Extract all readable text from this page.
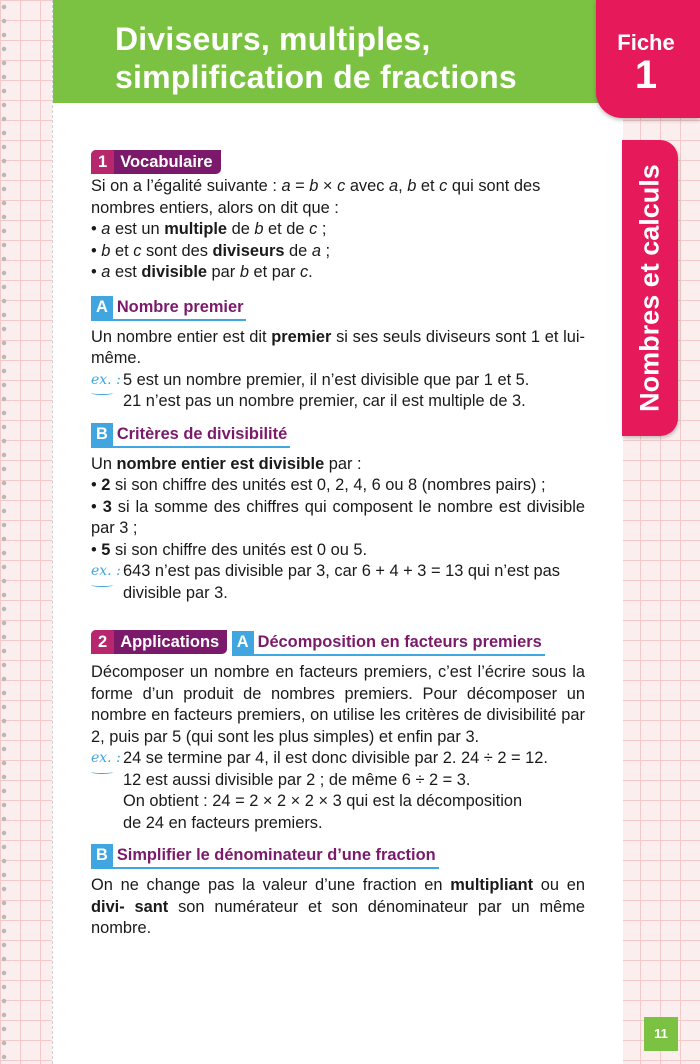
Diviseurs, multiples,
simplification de fractions
1 Vocabulaire

Si on a l’égalité suivante : a = b × c avec a, b et c qui sont des nombres entiers, alors on dit que :

• a est un multiple de b et de c ;

• b et c sont des diviseurs de a ;

• a est divisible par b et par c.

A Nombre premier

Un nombre entier est dit premier si ses seuls diviseurs sont 1 et lui-même.

ex. : 5 est un nombre premier, il n’est divisible que par 1 et 5.

21 n’est pas un nombre premier, car il est multiple de 3.

B Critères de divisibilité

Un nombre entier est divisible par :

• 2 si son chiffre des unités est 0, 2, 4, 6 ou 8 (nombres pairs) ;

• 3 si la somme des chiffres qui composent le nombre est divisible par 3 ;

• 5 si son chiffre des unités est 0 ou 5.

ex. : 643 n’est pas divisible par 3, car 6 + 4 + 3 = 13 qui n’est pas

divisible par 3.

2 Applications
	A Décomposition en facteurs premiers

Décomposer un nombre en facteurs premiers, c’est l’écrire sous la forme d’un produit de nombres premiers. Pour décomposer un nombre en facteurs premiers, on utilise les critères de divisibilité par 2, puis par 5 (qui sont les plus simples) et enfin par 3.

ex. : 24 se termine par 4, il est donc divisible par 2. 24 ÷ 2 = 12.

12 est aussi divisible par 2 ; de même 6 ÷ 2 = 3.

On obtient : 24 = 2 × 2 × 2 × 3 qui est la décomposition

de 24 en facteurs premiers.

B Simplifier le dénominateur d’une fraction

On ne change pas la valeur d’une fraction en multipliant ou en divi- sant son numérateur et son dénominateur par un même nombre.

Fiche
1
Nombres et calculs
11
